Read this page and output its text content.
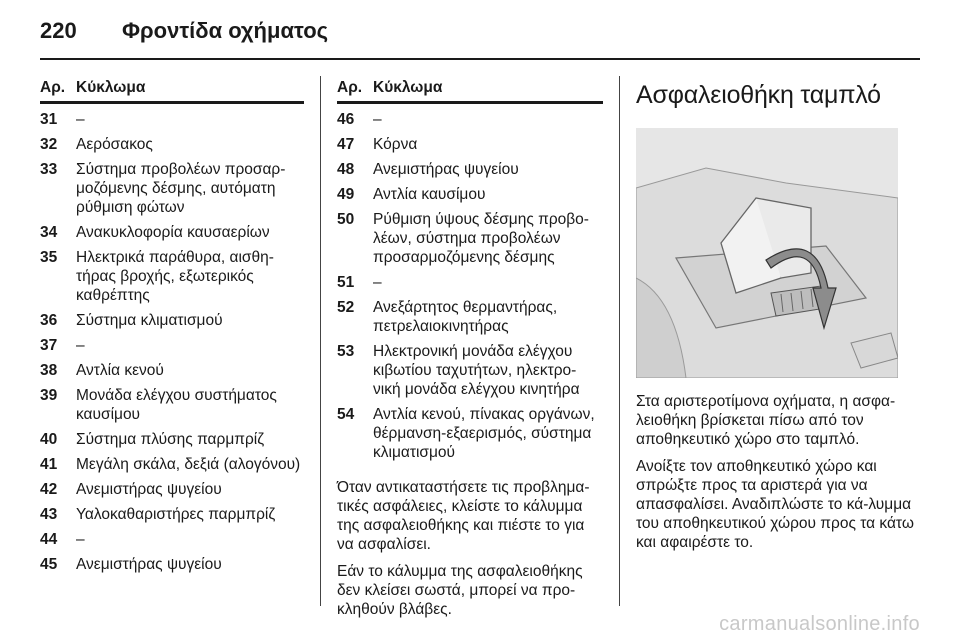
220 Φροντίδα οχήματος
Αρ. Κύκλωμα
31	–
32	Αερόσακος
33	Σύστημα προβολέων προσαρ-μοζόμενης δέσμης, αυτόματη ρύθμιση φώτων
34	Ανακυκλοφορία καυσαερίων
35	Ηλεκτρικά παράθυρα, αισθη-τήρας βροχής, εξωτερικός καθρέπτης
36	Σύστημα κλιματισμού
37	–
38	Αντλία κενού
39	Μονάδα ελέγχου συστήματος καυσίμου
40	Σύστημα πλύσης παρμπρίζ
41	Μεγάλη σκάλα, δεξιά (αλογόνου)
42	Ανεμιστήρας ψυγείου
43	Υαλοκαθαριστήρες παρμπρίζ
44	–
45	Ανεμιστήρας ψυγείου
Αρ. Κύκλωμα
46	–
47	Κόρνα
48	Ανεμιστήρας ψυγείου
49	Αντλία καυσίμου
50	Ρύθμιση ύψους δέσμης προβο-λέων, σύστημα προβολέων προσαρμοζόμενης δέσμης
51	–
52	Ανεξάρτητος θερμαντήρας, πετρελαιοκινητήρας
53	Ηλεκτρονική μονάδα ελέγχου κιβωτίου ταχυτήτων, ηλεκτρο-νική μονάδα ελέγχου κινητήρα
54	Αντλία κενού, πίνακας οργάνων, θέρμανση-εξαερισμός, σύστημα κλιματισμού

Όταν αντικαταστήσετε τις προβλημα-τικές ασφάλειες, κλείστε το κάλυμμα της ασφαλειοθήκης και πιέστε το για να ασφαλίσει.

Εάν το κάλυμμα της ασφαλειοθήκης δεν κλείσει σωστά, μπορεί να προ-κληθούν βλάβες.

Ασφαλειοθήκη ταμπλό

Στα αριστεροτίμονα οχήματα, η ασφα-λειοθήκη βρίσκεται πίσω από τον αποθηκευτικό χώρο στο ταμπλό.

Ανοίξτε τον αποθηκευτικό χώρο και σπρώξτε προς τα αριστερά για να απασφαλίσει. Αναδιπλώστε το κά-λυμμα του αποθηκευτικού χώρου προς τα κάτω και αφαιρέστε το.

carmanualsonline.info
